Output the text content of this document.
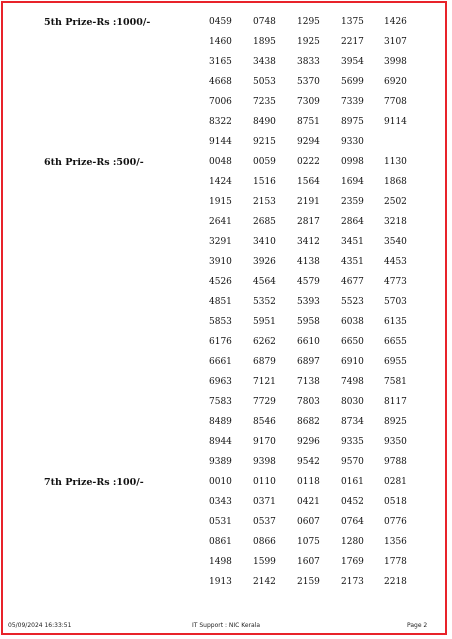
5th Prize-Rs :1000/-	0459	0748	1295	1375	1426
1460	1895	1925	2217	3107
3165	3438	3833	3954	3998
4668	5053	5370	5699	6920
7006	7235	7309	7339	7708
8322	8490	8751	8975	9114
9144	9215	9294	9330
6th Prize-Rs :500/-	0048	0059	0222	0998	1130
1424	1516	1564	1694	1868
1915	2153	2191	2359	2502
2641	2685	2817	2864	3218
3291	3410	3412	3451	3540
3910	3926	4138	4351	4453
4526	4564	4579	4677	4773
4851	5352	5393	5523	5703
5853	5951	5958	6038	6135
6176	6262	6610	6650	6655
6661	6879	6897	6910	6955
6963	7121	7138	7498	7581
7583	7729	7803	8030	8117
8489	8546	8682	8734	8925
8944	9170	9296	9335	9350
9389	9398	9542	9570	9788
7th Prize-Rs :100/-	0010	0110	0118	0161	0281
0343	0371	0421	0452	0518
0531	0537	0607	0764	0776
0861	0866	1075	1280	1356
1498	1599	1607	1769	1778
1913	2142	2159	2173	2218
05/09/2024 16:33:51	IT Support : NIC Kerala	Page 2
